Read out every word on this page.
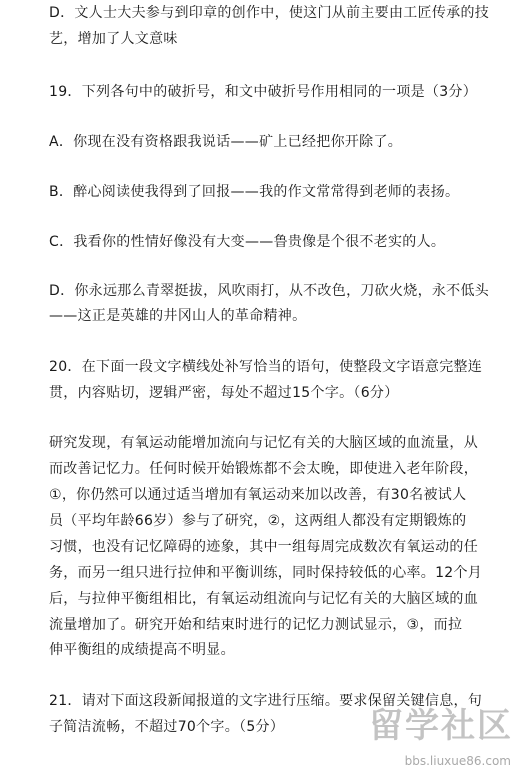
D．文人士大夫参与到印章的创作中，使这门从前主要由工匠传承的技
艺，增加了人文意味
19．下列各句中的破折号，和文中破折号作用相同的一项是（3分）
A．你现在没有资格跟我说话——矿上已经把你开除了。
B．醉心阅读使我得到了回报——我的作文常常得到老师的表扬。
C．我看你的性情好像没有大变——鲁贵像是个很不老实的人。
D．你永远那么青翠挺拔，风吹雨打，从不改色，刀砍火烧，永不低头
——这正是英雄的井冈山人的革命精神。
20．在下面一段文字横线处补写恰当的语句，使整段文字语意完整连
贯，内容贴切，逻辑严密，每处不超过15个字。（6分）
研究发现，有氧运动能增加流向与记忆有关的大脑区域的血流量，从
而改善记忆力。任何时候开始锻炼都不会太晚，即使进入老年阶段，
①，你仍然可以通过适当增加有氧运动来加以改善，有30名被试人
员（平均年龄66岁）参与了研究，②，这两组人都没有定期锻炼的
习惯，也没有记忆障碍的迹象，其中一组每周完成数次有氧运动的任
务，而另一组只进行拉伸和平衡训练，同时保持较低的心率。12个月
后，与拉伸平衡组相比，有氧运动组流向与记忆有关的大脑区域的血
流量增加了。研究开始和结束时进行的记忆力测试显示，③，而拉
伸平衡组的成绩提高不明显。
21．请对下面这段新闻报道的文字进行压缩。要求保留关键信息，句
子简洁流畅，不超过70个字。（5分） 留学社区
bbs.liuxue86.com
